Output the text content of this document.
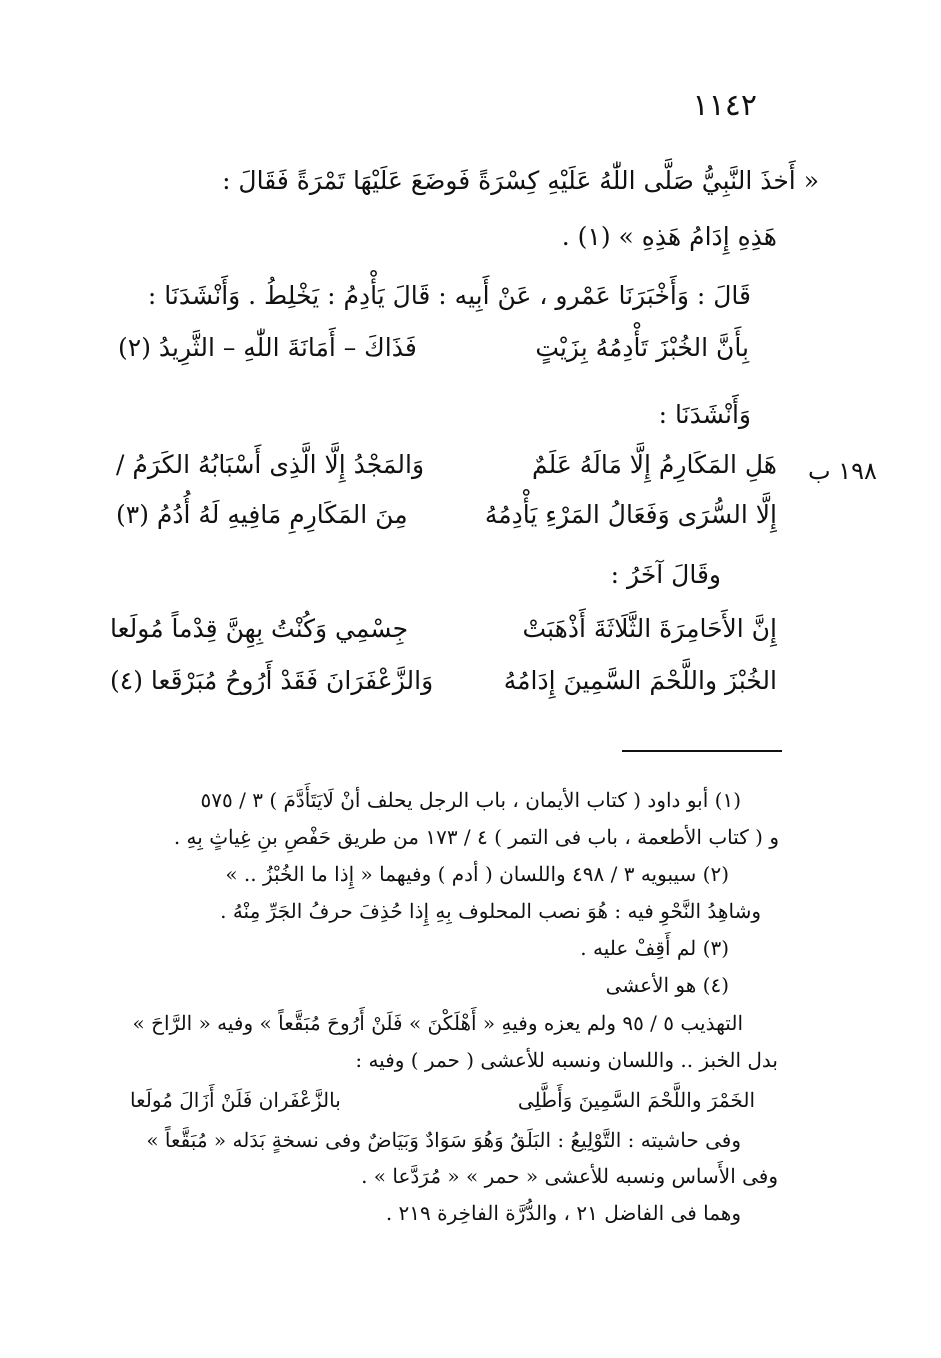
١١٤٢
« أَخذَ النَّبِيُّ صَلَّى اللّٰهُ عَلَيْهِ كِسْرَةً فَوضَعَ عَلَيْهَا تَمْرَةً فَقَالَ :
هَذِهِ إِدَامُ هَذِهِ » (١) .
قَالَ : وَأَخْبَرَنَا عَمْرو ، عَنْ أَبِيه : قَالَ يَأْدِمُ : يَخْلِطُ . وَأَنْشَدَنَا :
بِأَنَّ الخُبْزَ تَأْدِمُهُ بِزَيْتٍ
فَذَاكَ – أَمَانَةَ اللّٰهِ – الثَّرِيدُ (٢)
وَأَنْشَدَنَا :
١٩٨ ب
هَلِ المَكَارِمُ إِلَّا مَالَهُ عَلَمٌ
وَالمَجْدُ إِلَّا الَّذِى أَسْبَابُهُ الكَرَمُ /
إِلَّا السُّرَى وَفَعَالُ المَرْءِ يَأْدِمُهُ
مِنَ المَكَارِمِ مَافِيهِ لَهُ أُدُمُ (٣)
وقَالَ آخَرُ :
إِنَّ الأَحَامِرَةَ الثَّلَاثَةَ أَذْهَبَتْ
جِسْمِي وَكُنْتُ بِهِنَّ قِدْماً مُولَعا
الخُبْزَ واللَّحْمَ السَّمِينَ إِدَامُهُ
وَالزَّعْفَرَانَ فَقَدْ أَرُوحُ مُبَرْقَعا (٤)
(١) أبو داود ( كتاب الأيمان ، باب الرجل يحلف أنْ لَايَتَأَدَّمَ ) ٣ / ٥٧٥
و ( كتاب الأطعمة ، باب فى التمر ) ٤ / ١٧٣ من طريق حَفْصِ بنِ غِياثٍ بِهِ .
(٢) سيبويه ٣ / ٤٩٨ واللسان ( أدم ) وفيهما « إِذا ما الخُبْزُ .. »
وشاهِدُ النَّحْوِ فيه : هُوَ نصب المحلوف بِهِ إِذا حُذِفَ حرفُ الجَرِّ مِنْهُ .
(٣) لم أَقِفْ عليه .
(٤) هو الأعشى
التهذيب ٥ / ٩٥ ولم يعزه وفيهِ « أَهْلَكْنَ » فَلَنْ أَرُوحَ مُبَقَّعاً » وفيه « الرَّاحَ »
بدل الخبز .. واللسان ونسبه للأعشى ( حمر ) وفيه :
الخَمْرَ واللَّحْمَ السَّمِينَ وَأَطَّلِى
بالزَّعْفَران فَلَنْ أَزَالَ مُولَعا
وفى حاشيته : التَّوْلِيعُ : البَلَقُ وَهُوَ سَوَادٌ وَبَيَاضٌ وفى نسخةٍ بَدَله « مُبَقَّعاً »
وفى الأَساس ونسبه للأعشى « حمر » « مُرَدَّعا » .
وهما فى الفاضل ٢١ ، والدُّرَّة الفاخِرة ٢١٩ .
